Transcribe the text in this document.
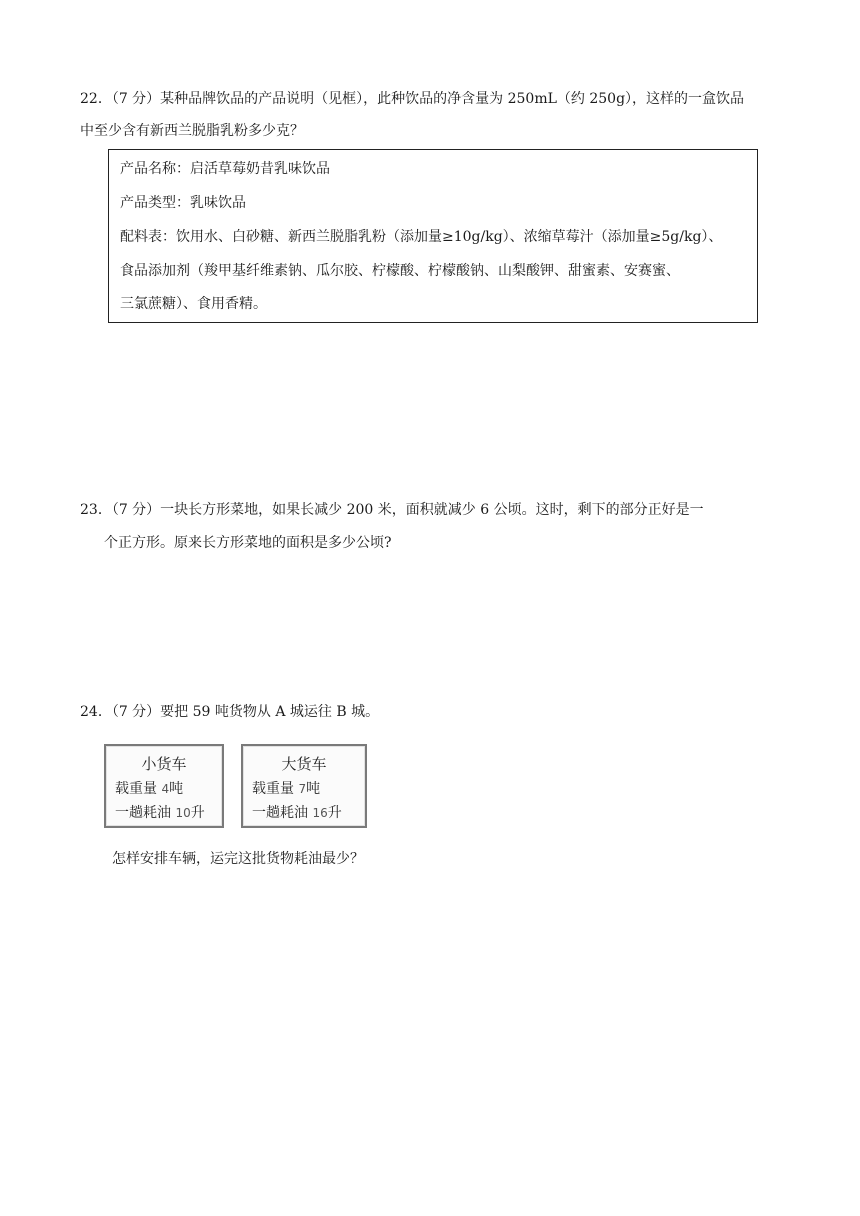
22．（7 分）某种品牌饮品的产品说明（见框），此种饮品的净含量为 250mL（约 250g），这样的一盒饮品
中至少含有新西兰脱脂乳粉多少克？
产品名称：启活草莓奶昔乳味饮品
产品类型：乳味饮品
配料表：饮用水、白砂糖、新西兰脱脂乳粉（添加量≥10g/kg）、浓缩草莓汁（添加量≥5g/kg）、
食品添加剂（羧甲基纤维素钠、瓜尔胶、柠檬酸、柠檬酸钠、山梨酸钾、甜蜜素、安赛蜜、
三氯蔗糖）、食用香精。
23．（7 分）一块长方形菜地，如果长减少 200 米，面积就减少 6 公顷。这时，剩下的部分正好是一
个正方形。原来长方形菜地的面积是多少公顷?
24．（7 分）要把 59 吨货物从 A 城运往 B 城。
小货车
载重量 4吨
一趟耗油 10升
大货车
载重量 7吨
一趟耗油 16升
怎样安排车辆，运完这批货物耗油最少？
